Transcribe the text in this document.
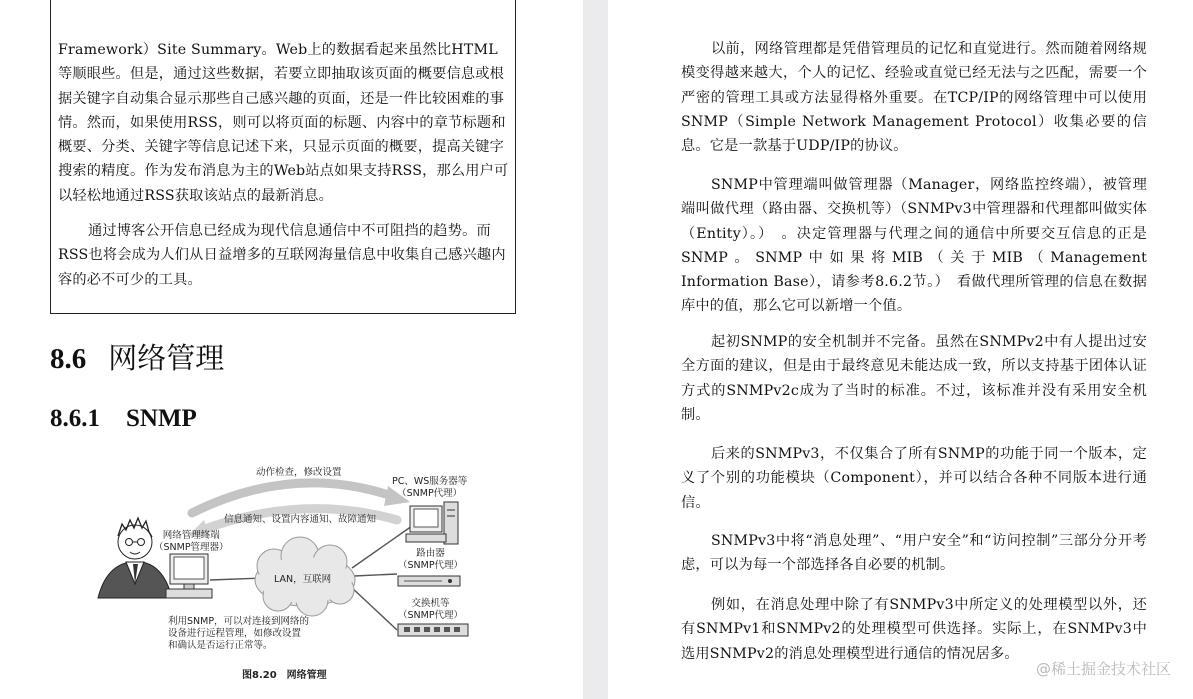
Framework）Site Summary。Web上的数据看起来虽然比HTML等顺眼些。但是，通过这些数据，若要立即抽取该页面的概要信息或根据关键字自动集合显示那些自己感兴趣的页面，还是一件比较困难的事情。然而，如果使用RSS，则可以将页面的标题、内容中的章节标题和概要、分类、关键字等信息记述下来，只显示页面的概要，提高关键字搜索的精度。作为发布消息为主的Web站点如果支持RSS，那么用户可以轻松地通过RSS获取该站点的最新消息。

通过博客公开信息已经成为现代信息通信中不可阻挡的趋势。而RSS也将会成为人们从日益增多的互联网海量信息中收集自己感兴趣内容的必不可少的工具。

8.6 网络管理
8.6.1 SNMP
动作检查，修改设置
信息通知、设置内容通知、故障通知
网络管理终端
（SNMP管理器）
LAN，互联网
PC、WS服务器等
（SNMP代理）
路由器
（SNMP代理）
交换机等
（SNMP代理）
利用SNMP，可以对连接到网络的
设备进行远程管理，如修改设置
和确认是否运行正常等。
图8.20　网络管理

以前，网络管理都是凭借管理员的记忆和直觉进行。然而随着网络规模变得越来越大，个人的记忆、经验或直觉已经无法与之匹配，需要一个严密的管理工具或方法显得格外重要。在TCP/IP的网络管理中可以使用SNMP（Simple Network Management Protocol）收集必要的信息。它是一款基于UDP/IP的协议。

SNMP中管理端叫做管理器（Manager，网络监控终端），被管理端叫做代理（路由器、交换机等）（SNMPv3中管理器和代理都叫做实体（Entity）。）　。决定管理器与代理之间的通信中所要交互信息的正是SNMP。SNMP中如果将MIB（关于MIB（Management　Information Base），请参考8.6.2节。）　看做代理所管理的信息在数据库中的值，那么它可以新增一个值。

起初SNMP的安全机制并不完备。虽然在SNMPv2中有人提出过安全方面的建议，但是由于最终意见未能达成一致，所以支持基于团体认证方式的SNMPv2c成为了当时的标准。不过，该标准并没有采用安全机制。

后来的SNMPv3，不仅集合了所有SNMP的功能于同一个版本，定义了个别的功能模块（Component），并可以结合各种不同版本进行通信。

SNMPv3中将“消息处理”、“用户安全”和“访问控制”三部分分开考虑，可以为每一个部选择各自必要的机制。

例如，在消息处理中除了有SNMPv3中所定义的处理模型以外，还有SNMPv1和SNMPv2的处理模型可供选择。实际上，在SNMPv3中选用SNMPv2的消息处理模型进行通信的情况居多。

@稀土掘金技术社区
